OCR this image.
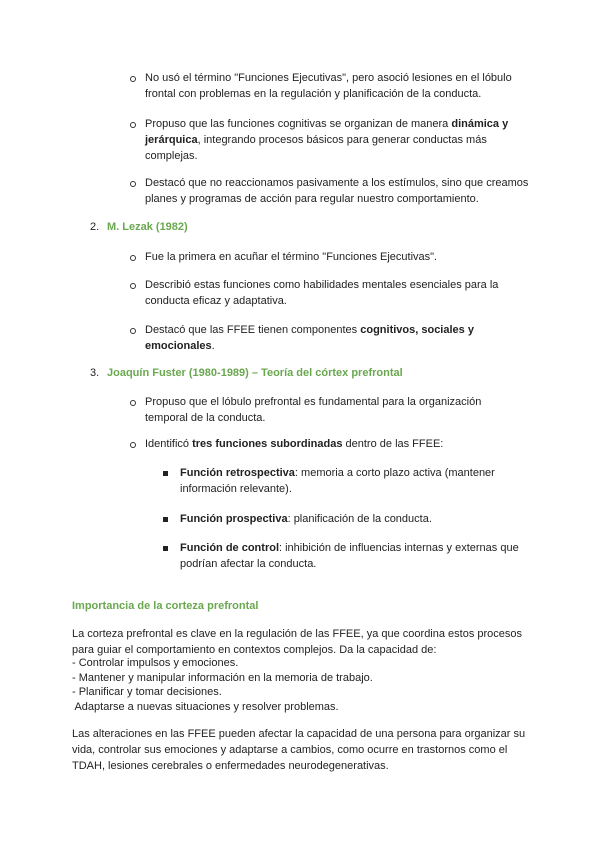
No usó el término "Funciones Ejecutivas", pero asoció lesiones en el lóbulo frontal con problemas en la regulación y planificación de la conducta.
Propuso que las funciones cognitivas se organizan de manera dinámica y jerárquica, integrando procesos básicos para generar conductas más complejas.
Destacó que no reaccionamos pasivamente a los estímulos, sino que creamos planes y programas de acción para regular nuestro comportamiento.
2. M. Lezak (1982)
Fue la primera en acuñar el término "Funciones Ejecutivas".
Describió estas funciones como habilidades mentales esenciales para la conducta eficaz y adaptativa.
Destacó que las FFEE tienen componentes cognitivos, sociales y emocionales.
3. Joaquín Fuster (1980-1989) – Teoría del córtex prefrontal
Propuso que el lóbulo prefrontal es fundamental para la organización temporal de la conducta.
Identificó tres funciones subordinadas dentro de las FFEE:
Función retrospectiva: memoria a corto plazo activa (mantener información relevante).
Función prospectiva: planificación de la conducta.
Función de control: inhibición de influencias internas y externas que podrían afectar la conducta.
Importancia de la corteza prefrontal
La corteza prefrontal es clave en la regulación de las FFEE, ya que coordina estos procesos para guiar el comportamiento en contextos complejos. Da la capacidad de:
- Controlar impulsos y emociones.
- Mantener y manipular información en la memoria de trabajo.
- Planificar y tomar decisiones.
Adaptarse a nuevas situaciones y resolver problemas.
Las alteraciones en las FFEE pueden afectar la capacidad de una persona para organizar su vida, controlar sus emociones y adaptarse a cambios, como ocurre en trastornos como el TDAH, lesiones cerebrales o enfermedades neurodegenerativas.
